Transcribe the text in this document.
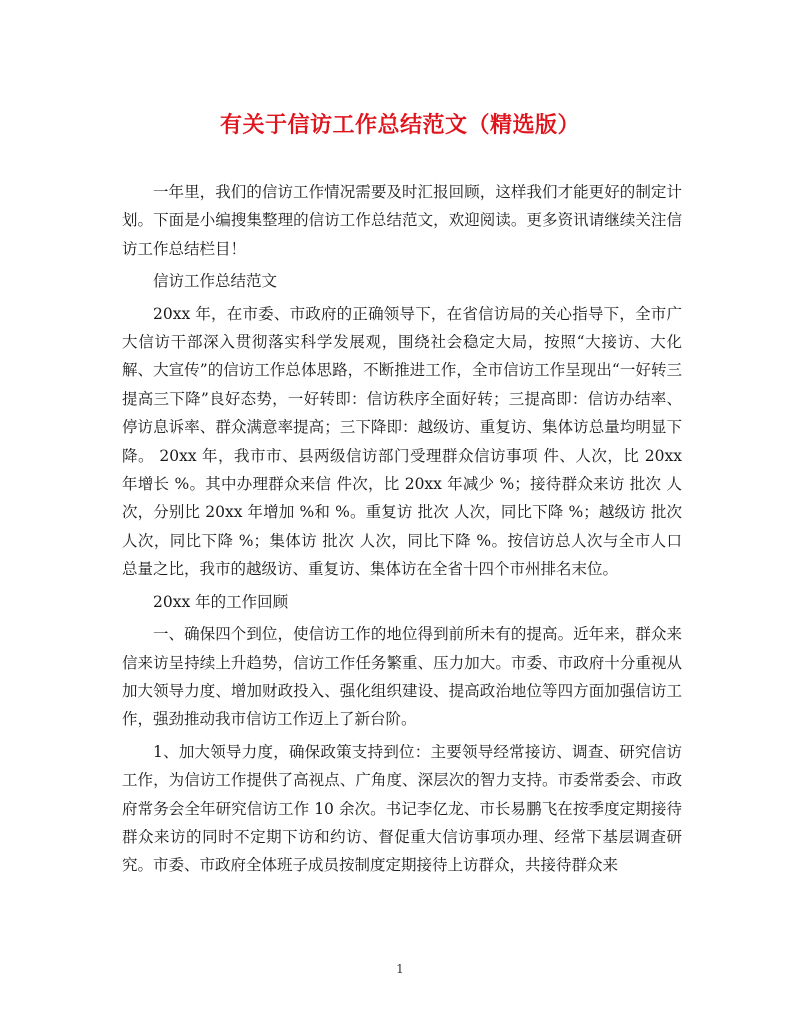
有关于信访工作总结范文（精选版）

一年里，我们的信访工作情况需要及时汇报回顾，这样我们才能更好的制定计划。下面是小编搜集整理的信访工作总结范文，欢迎阅读。更多资讯请继续关注信访工作总结栏目！

信访工作总结范文

20xx 年，在市委、市政府的正确领导下，在省信访局的关心指导下，全市广大信访干部深入贯彻落实科学发展观，围绕社会稳定大局，按照“大接访、大化解、大宣传”的信访工作总体思路，不断推进工作，全市信访工作呈现出“一好转三提高三下降”良好态势，一好转即：信访秩序全面好转；三提高即：信访办结率、停访息诉率、群众满意率提高；三下降即：越级访、重复访、集体访总量均明显下降。 20xx 年，我市市、县两级信访部门受理群众信访事项 件、人次，比 20xx 年增长 %。其中办理群众来信 件次，比 20xx 年减少 %；接待群众来访 批次 人次，分别比 20xx 年增加 %和 %。重复访 批次 人次，同比下降 %；越级访 批次 人次，同比下降 %；集体访 批次 人次，同比下降 %。按信访总人次与全市人口总量之比，我市的越级访、重复访、集体访在全省十四个市州排名末位。

20xx 年的工作回顾

一、确保四个到位，使信访工作的地位得到前所未有的提高。近年来，群众来信来访呈持续上升趋势，信访工作任务繁重、压力加大。市委、市政府十分重视从加大领导力度、增加财政投入、强化组织建设、提高政治地位等四方面加强信访工作，强劲推动我市信访工作迈上了新台阶。

1、加大领导力度，确保政策支持到位：主要领导经常接访、调查、研究信访工作，为信访工作提供了高视点、广角度、深层次的智力支持。市委常委会、市政府常务会全年研究信访工作 10 余次。书记李亿龙、市长易鹏飞在按季度定期接待群众来访的同时不定期下访和约访、督促重大信访事项办理、经常下基层调查研究。市委、市政府全体班子成员按制度定期接待上访群众，共接待群众来

1
